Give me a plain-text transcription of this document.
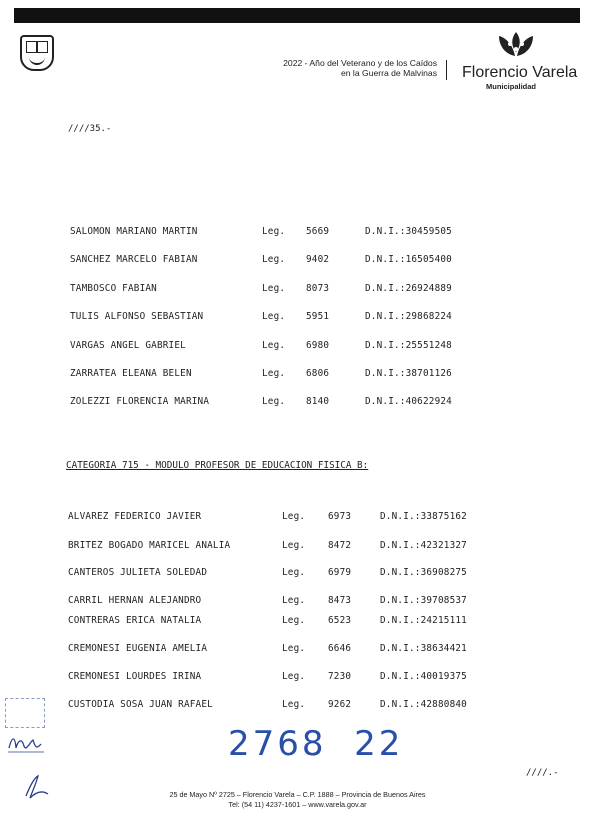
2022 - Año del Veterano y de los Caídos
en la Guerra de Malvinas Florencio Varela
Municipalidad
////35.-
SALOMON MARIANO MARTIN	Leg. 5669	D.N.I.:30459505
SANCHEZ MARCELO FABIAN	Leg. 9402	D.N.I.:16505400
TAMBOSCO FABIAN	Leg. 8073	D.N.I.:26924889
TULIS ALFONSO SEBASTIAN	Leg. 5951	D.N.I.:29868224
VARGAS ANGEL GABRIEL	Leg. 6980	D.N.I.:25551248
ZARRATEA ELEANA BELEN	Leg. 6806	D.N.I.:38701126
ZOLEZZI FLORENCIA MARINA	Leg. 8140	D.N.I.:40622924
CATEGORIA 715 - MODULO PROFESOR DE EDUCACION FISICA B:
ALVAREZ FEDERICO JAVIER	Leg. 6973	D.N.I.:33875162
BRITEZ BOGADO MARICEL ANALIA	Leg. 8472	D.N.I.:42321327
CANTEROS JULIETA SOLEDAD	Leg. 6979	D.N.I.:36908275
CARRIL HERNAN ALEJANDRO	Leg. 8473	D.N.I.:39708537
CONTRERAS ERICA NATALIA	Leg. 6523	D.N.I.:24215111
CREMONESI EUGENIA AMELIA	Leg. 6646	D.N.I.:38634421
CREMONESI LOURDES IRINA	Leg. 7230	D.N.I.:40019375
CUSTODIA SOSA JUAN RAFAEL	Leg. 9262	D.N.I.:42880840
2768  22
////.-
25 de Mayo Nº 2725 – Florencio Varela – C.P. 1888 – Provincia de Buenos Aires
Tel: (54 11) 4237-1601 – www.varela.gov.ar
